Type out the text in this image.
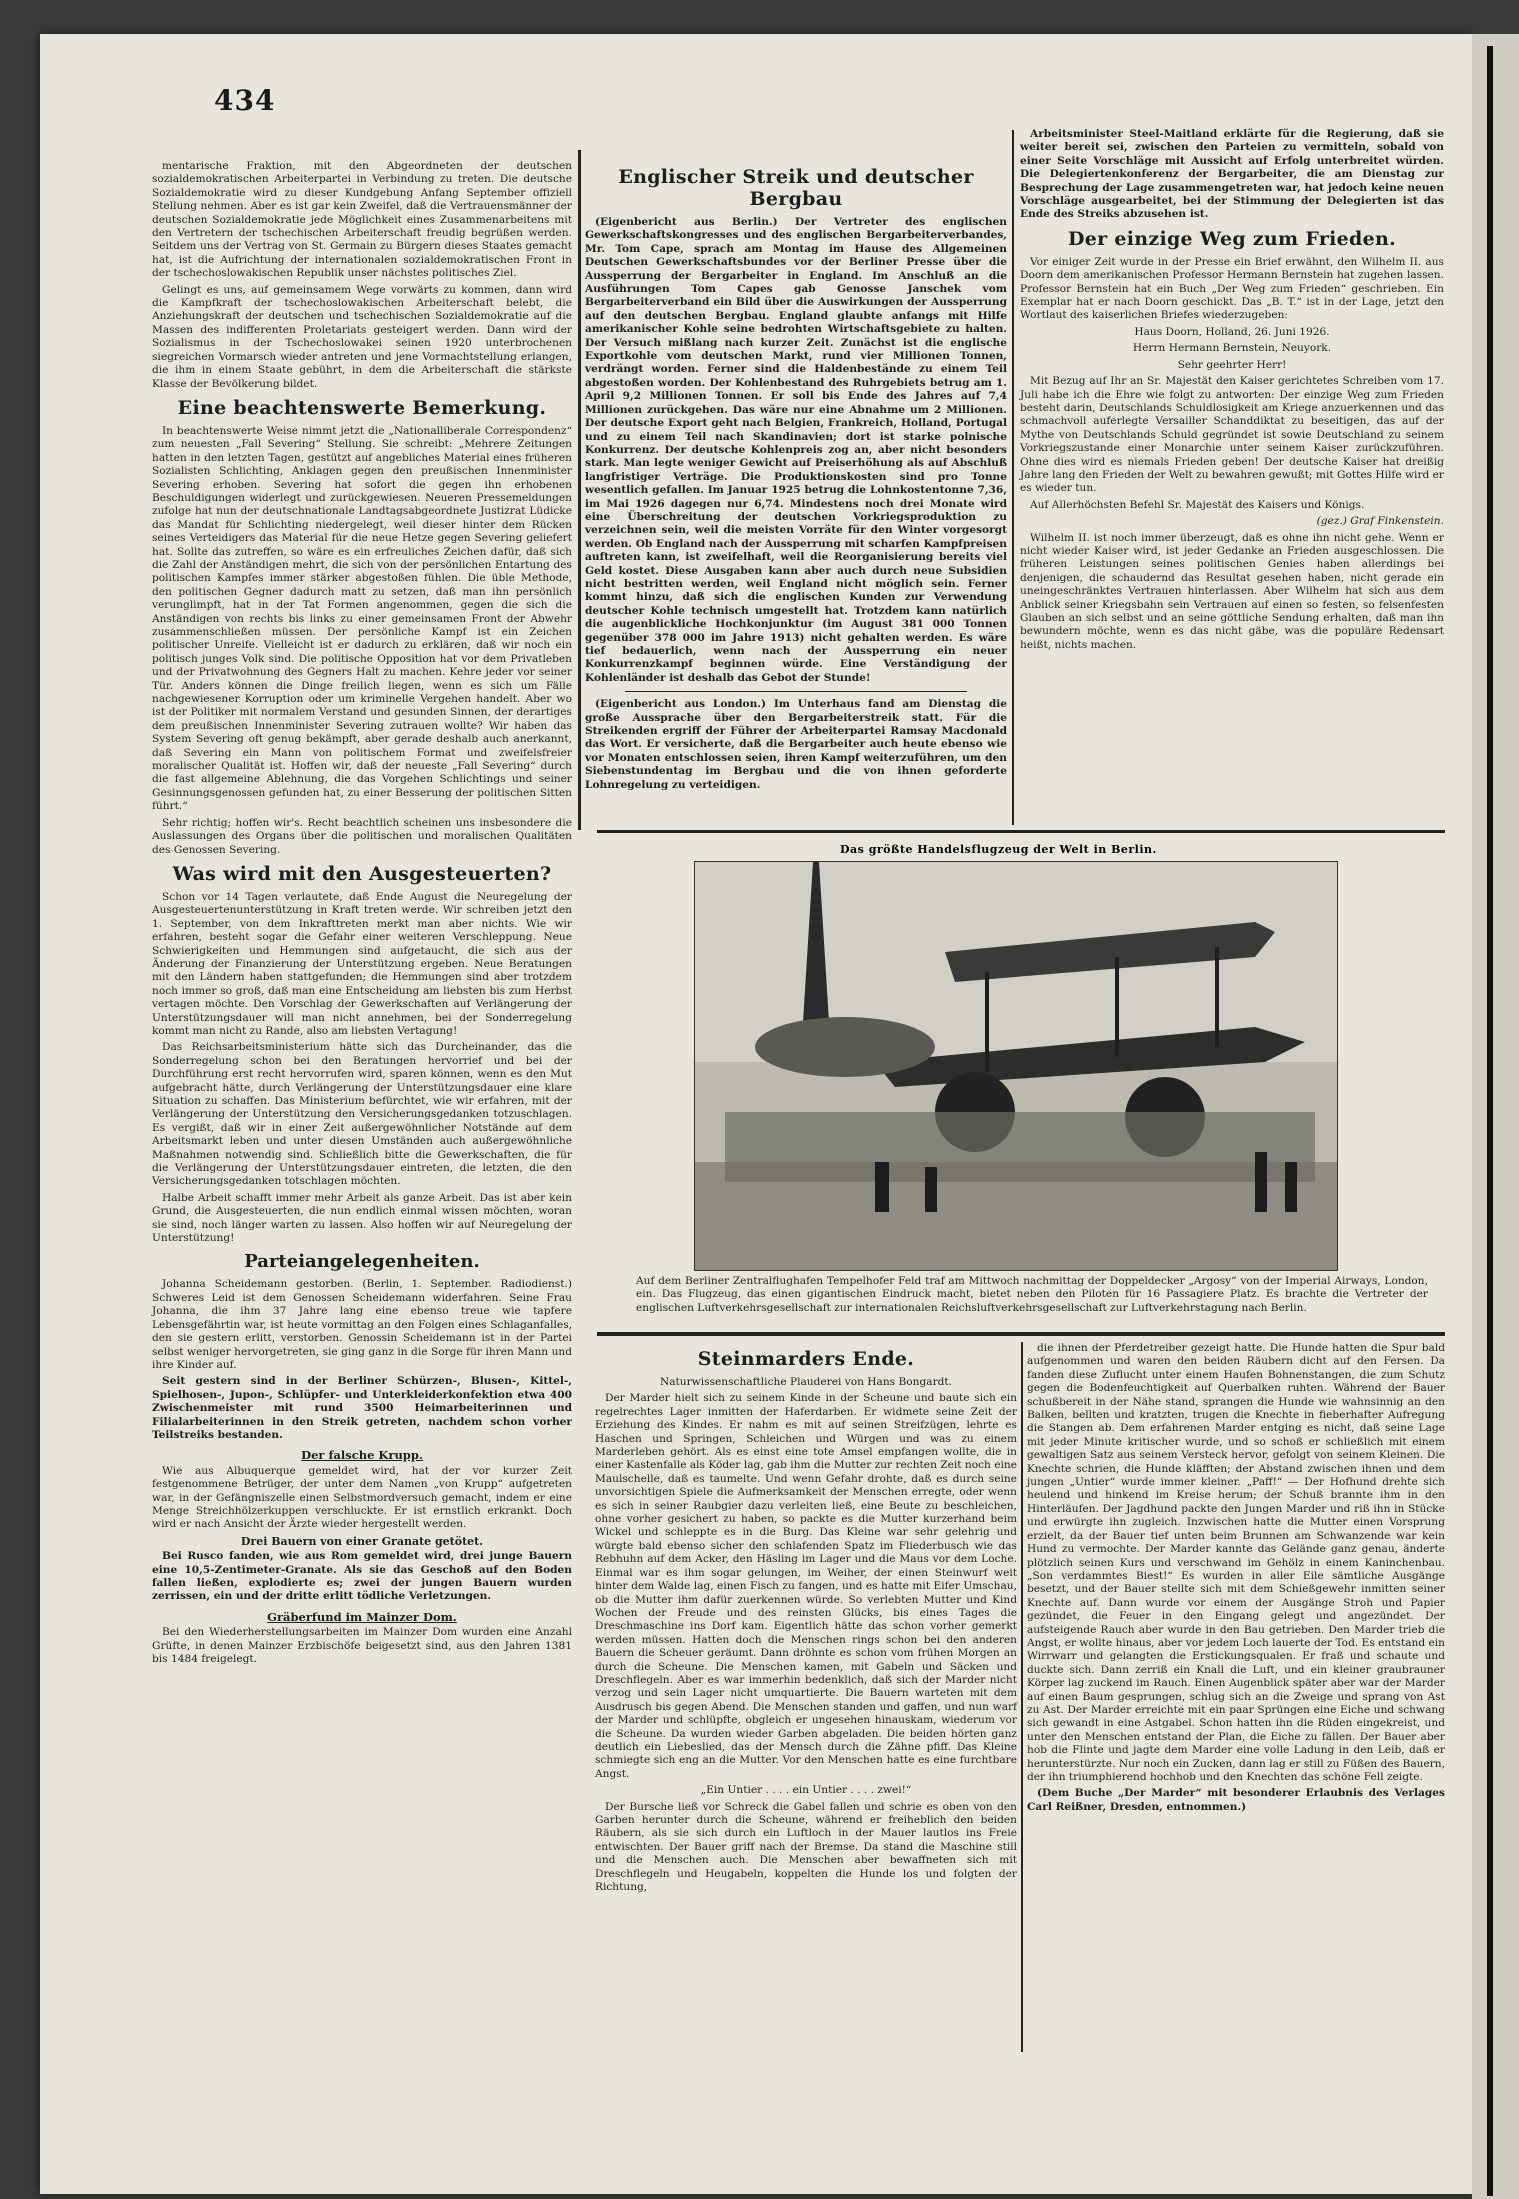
434

mentarische Fraktion, mit den Abgeordneten der deutschen sozialdemokratischen Arbeiterpartei in Verbindung zu treten. Die deutsche Sozialdemokratie wird zu dieser Kundgebung Anfang September offiziell Stellung nehmen. Aber es ist gar kein Zweifel, daß die Vertrauensmänner der deutschen Sozialdemokratie jede Möglichkeit eines Zusammenarbeitens mit den Vertretern der tschechischen Arbeiterschaft freudig begrüßen werden. Seitdem uns der Vertrag von St. Germain zu Bürgern dieses Staates gemacht hat, ist die Aufrichtung der internationalen sozialdemokratischen Front in der tschechoslowakischen Republik unser nächstes politisches Ziel.

Gelingt es uns, auf gemeinsamem Wege vorwärts zu kommen, dann wird die Kampfkraft der tschechoslowakischen Arbeiterschaft belebt, die Anziehungskraft der deutschen und tschechischen Sozialdemokratie auf die Massen des indifferenten Proletariats gesteigert werden. Dann wird der Sozialismus in der Tschechoslowakei seinen 1920 unterbrochenen siegreichen Vormarsch wieder antreten und jene Vormachtstellung erlangen, die ihm in einem Staate gebührt, in dem die Arbeiterschaft die stärkste Klasse der Bevölkerung bildet.

Eine beachtenswerte Bemerkung.

In beachtenswerte Weise nimmt jetzt die „Nationalliberale Correspondenz“ zum neuesten „Fall Severing“ Stellung. Sie schreibt: „Mehrere Zeitungen hatten in den letzten Tagen, gestützt auf angebliches Material eines früheren Sozialisten Schlichting, Anklagen gegen den preußischen Innenminister Severing erhoben. Severing hat sofort die gegen ihn erhobenen Beschuldigungen widerlegt und zurückgewiesen. Neueren Pressemeldungen zufolge hat nun der deutschnationale Landtagsabgeordnete Justizrat Lüdicke das Mandat für Schlichting niedergelegt, weil dieser hinter dem Rücken seines Verteidigers das Material für die neue Hetze gegen Severing geliefert hat. Sollte das zutreffen, so wäre es ein erfreuliches Zeichen dafür, daß sich die Zahl der Anständigen mehrt, die sich von der persönlichen Entartung des politischen Kampfes immer stärker abgestoßen fühlen. Die üble Methode, den politischen Gegner dadurch matt zu setzen, daß man ihn persönlich verunglimpft, hat in der Tat Formen angenommen, gegen die sich die Anständigen von rechts bis links zu einer gemeinsamen Front der Abwehr zusammenschließen müssen. Der persönliche Kampf ist ein Zeichen politischer Unreife. Vielleicht ist er dadurch zu erklären, daß wir noch ein politisch junges Volk sind. Die politische Opposition hat vor dem Privatleben und der Privatwohnung des Gegners Halt zu machen. Kehre jeder vor seiner Tür. Anders können die Dinge freilich liegen, wenn es sich um Fälle nachgewiesener Korruption oder um kriminelle Vergehen handelt. Aber wo ist der Politiker mit normalem Verstand und gesunden Sinnen, der derartiges dem preußischen Innenminister Severing zutrauen wollte? Wir haben das System Severing oft genug bekämpft, aber gerade deshalb auch anerkannt, daß Severing ein Mann von politischem Format und zweifelsfreier moralischer Qualität ist. Hoffen wir, daß der neueste „Fall Severing“ durch die fast allgemeine Ablehnung, die das Vorgehen Schlichtings und seiner Gesinnungsgenossen gefunden hat, zu einer Besserung der politischen Sitten führt.“

Sehr richtig; hoffen wir's. Recht beachtlich scheinen uns insbesondere die Auslassungen des Organs über die politischen und moralischen Qualitäten des Genossen Severing.

Was wird mit den Ausgesteuerten?

Schon vor 14 Tagen verlautete, daß Ende August die Neuregelung der Ausgesteuertenunterstützung in Kraft treten werde. Wir schreiben jetzt den 1. September, von dem Inkrafttreten merkt man aber nichts. Wie wir erfahren, besteht sogar die Gefahr einer weiteren Verschleppung. Neue Schwierigkeiten und Hemmungen sind aufgetaucht, die sich aus der Änderung der Finanzierung der Unterstützung ergeben. Neue Beratungen mit den Ländern haben stattgefunden; die Hemmungen sind aber trotzdem noch immer so groß, daß man eine Entscheidung am liebsten bis zum Herbst vertagen möchte. Den Vorschlag der Gewerkschaften auf Verlängerung der Unterstützungsdauer will man nicht annehmen, bei der Sonderregelung kommt man nicht zu Rande, also am liebsten Vertagung!

Das Reichsarbeitsministerium hätte sich das Durcheinander, das die Sonderregelung schon bei den Beratungen hervorrief und bei der Durchführung erst recht hervorrufen wird, sparen können, wenn es den Mut aufgebracht hätte, durch Verlängerung der Unterstützungsdauer eine klare Situation zu schaffen. Das Ministerium befürchtet, wie wir erfahren, mit der Verlängerung der Unterstützung den Versicherungsgedanken totzuschlagen. Es vergißt, daß wir in einer Zeit außergewöhnlicher Notstände auf dem Arbeitsmarkt leben und unter diesen Umständen auch außergewöhnliche Maßnahmen notwendig sind. Schließlich bitte die Gewerkschaften, die für die Verlängerung der Unterstützungsdauer eintreten, die letzten, die den Versicherungsgedanken totschlagen möchten.

Halbe Arbeit schafft immer mehr Arbeit als ganze Arbeit. Das ist aber kein Grund, die Ausgesteuerten, die nun endlich einmal wissen möchten, woran sie sind, noch länger warten zu lassen. Also hoffen wir auf Neuregelung der Unterstützung!

Parteiangelegenheiten.

Johanna Scheidemann gestorben. (Berlin, 1. September. Radiodienst.) Schweres Leid ist dem Genossen Scheidemann widerfahren. Seine Frau Johanna, die ihm 37 Jahre lang eine ebenso treue wie tapfere Lebensgefährtin war, ist heute vormittag an den Folgen eines Schlaganfalles, den sie gestern erlitt, verstorben. Genossin Scheidemann ist in der Partei selbst weniger hervorgetreten, sie ging ganz in die Sorge für ihren Mann und ihre Kinder auf.

Seit gestern sind in der Berliner Schürzen-, Blusen-, Kittel-, Spielhosen-, Jupon-, Schlüpfer- und Unterkleiderkonfektion etwa 400 Zwischenmeister mit rund 3500 Heimarbeiterinnen und Filialarbeiterinnen in den Streik getreten, nachdem schon vorher Teilstreiks bestanden.

Der falsche Krupp.

Wie aus Albuquerque gemeldet wird, hat der vor kurzer Zeit festgenommene Betrüger, der unter dem Namen „von Krupp“ aufgetreten war, in der Gefängniszelle einen Selbstmordversuch gemacht, indem er eine Menge Streichhölzerkuppen verschluckte. Er ist ernstlich erkrankt. Doch wird er nach Ansicht der Ärzte wieder hergestellt werden.

Drei Bauern von einer Granate getötet.

Bei Rusco fanden, wie aus Rom gemeldet wird, drei junge Bauern eine 10,5-Zentimeter-Granate. Als sie das Geschoß auf den Boden fallen ließen, explodierte es; zwei der jungen Bauern wurden zerrissen, ein und der dritte erlitt tödliche Verletzungen.

Gräberfund im Mainzer Dom.

Bei den Wiederherstellungsarbeiten im Mainzer Dom wurden eine Anzahl Grüfte, in denen Mainzer Erzbischöfe beigesetzt sind, aus den Jahren 1381 bis 1484 freigelegt.

Englischer Streik und deutscher Bergbau

(Eigenbericht aus Berlin.) Der Vertreter des englischen Gewerkschaftskongresses und des englischen Bergarbeiterverbandes, Mr. Tom Cape, sprach am Montag im Hause des Allgemeinen Deutschen Gewerkschaftsbundes vor der Berliner Presse über die Aussperrung der Bergarbeiter in England. Im Anschluß an die Ausführungen Tom Capes gab Genosse Janschek vom Bergarbeiterverband ein Bild über die Auswirkungen der Aussperrung auf den deutschen Bergbau. England glaubte anfangs mit Hilfe amerikanischer Kohle seine bedrohten Wirtschaftsgebiete zu halten. Der Versuch mißlang nach kurzer Zeit. Zunächst ist die englische Exportkohle vom deutschen Markt, rund vier Millionen Tonnen, verdrängt worden. Ferner sind die Haldenbestände zu einem Teil abgestoßen worden. Der Kohlenbestand des Ruhrgebiets betrug am 1. April 9,2 Millionen Tonnen. Er soll bis Ende des Jahres auf 7,4 Millionen zurückgehen. Das wäre nur eine Abnahme um 2 Millionen. Der deutsche Export geht nach Belgien, Frankreich, Holland, Portugal und zu einem Teil nach Skandinavien; dort ist starke polnische Konkurrenz. Der deutsche Kohlenpreis zog an, aber nicht besonders stark. Man legte weniger Gewicht auf Preiserhöhung als auf Abschluß langfristiger Verträge. Die Produktionskosten sind pro Tonne wesentlich gefallen. Im Januar 1925 betrug die Lohnkostentonne 7,36, im Mai 1926 dagegen nur 6,74. Mindestens noch drei Monate wird eine Überschreitung der deutschen Vorkriegsproduktion zu verzeichnen sein, weil die meisten Vorräte für den Winter vorgesorgt werden. Ob England nach der Aussperrung mit scharfen Kampfpreisen auftreten kann, ist zweifelhaft, weil die Reorganisierung bereits viel Geld kostet. Diese Ausgaben kann aber auch durch neue Subsidien nicht bestritten werden, weil England nicht möglich sein. Ferner kommt hinzu, daß sich die englischen Kunden zur Verwendung deutscher Kohle technisch umgestellt hat. Trotzdem kann natürlich die augenblickliche Hochkonjunktur (im August 381 000 Tonnen gegenüber 378 000 im Jahre 1913) nicht gehalten werden. Es wäre tief bedauerlich, wenn nach der Aussperrung ein neuer Konkurrenzkampf beginnen würde. Eine Verständigung der Kohlenländer ist deshalb das Gebot der Stunde!

(Eigenbericht aus London.) Im Unterhaus fand am Dienstag die große Aussprache über den Bergarbeiterstreik statt. Für die Streikenden ergriff der Führer der Arbeiterpartei Ramsay Macdonald das Wort. Er versicherte, daß die Bergarbeiter auch heute ebenso wie vor Monaten entschlossen seien, ihren Kampf weiterzuführen, um den Siebenstundentag im Bergbau und die von ihnen geforderte Lohnregelung zu verteidigen.

Arbeitsminister Steel-Maitland erklärte für die Regierung, daß sie weiter bereit sei, zwischen den Parteien zu vermitteln, sobald von einer Seite Vorschläge mit Aussicht auf Erfolg unterbreitet würden. Die Delegiertenkonferenz der Bergarbeiter, die am Dienstag zur Besprechung der Lage zusammengetreten war, hat jedoch keine neuen Vorschläge ausgearbeitet, bei der Stimmung der Delegierten ist das Ende des Streiks abzusehen ist.

Der einzige Weg zum Frieden.

Vor einiger Zeit wurde in der Presse ein Brief erwähnt, den Wilhelm II. aus Doorn dem amerikanischen Professor Hermann Bernstein hat zugehen lassen. Professor Bernstein hat ein Buch „Der Weg zum Frieden“ geschrieben. Ein Exemplar hat er nach Doorn geschickt. Das „B. T.“ ist in der Lage, jetzt den Wortlaut des kaiserlichen Briefes wiederzugeben:

Haus Doorn, Holland, 26. Juni 1926.

Herrn Hermann Bernstein, Neuyork.

Sehr geehrter Herr!

Mit Bezug auf Ihr an Sr. Majestät den Kaiser gerichtetes Schreiben vom 17. Juli habe ich die Ehre wie folgt zu antworten: Der einzige Weg zum Frieden besteht darin, Deutschlands Schuldlosigkeit am Kriege anzuerkennen und das schmachvoll auferlegte Versailler Schanddiktat zu beseitigen, das auf der Mythe von Deutschlands Schuld gegründet ist sowie Deutschland zu seinem Vorkriegszustande einer Monarchie unter seinem Kaiser zurückzuführen. Ohne dies wird es niemals Frieden geben! Der deutsche Kaiser hat dreißig Jahre lang den Frieden der Welt zu bewahren gewußt; mit Gottes Hilfe wird er es wieder tun.

Auf Allerhöchsten Befehl Sr. Majestät des Kaisers und Königs.

(gez.) Graf Finkenstein.

Wilhelm II. ist noch immer überzeugt, daß es ohne ihn nicht gehe. Wenn er nicht wieder Kaiser wird, ist jeder Gedanke an Frieden ausgeschlossen. Die früheren Leistungen seines politischen Genies haben allerdings bei denjenigen, die schaudernd das Resultat gesehen haben, nicht gerade ein uneingeschränktes Vertrauen hinterlassen. Aber Wilhelm hat sich aus dem Anblick seiner Kriegsbahn sein Vertrauen auf einen so festen, so felsenfesten Glauben an sich selbst und an seine göttliche Sendung erhalten, daß man ihn bewundern möchte, wenn es das nicht gäbe, was die populäre Redensart heißt, nichts machen.

Das größte Handelsflugzeug der Welt in Berlin.
Auf dem Berliner Zentralflughafen Tempelhofer Feld traf am Mittwoch nachmittag der Doppeldecker „Argosy“ von der Imperial Airways, London, ein. Das Flugzeug, das einen gigantischen Eindruck macht, bietet neben den Piloten für 16 Passagiere Platz. Es brachte die Vertreter der englischen Luftverkehrsgesellschaft zur internationalen Reichsluftverkehrsgesellschaft zur Luftverkehrstagung nach Berlin.
Steinmarders Ende.

Naturwissenschaftliche Plauderei von Hans Bongardt.

Der Marder hielt sich zu seinem Kinde in der Scheune und baute sich ein regelrechtes Lager inmitten der Haferdarben. Er widmete seine Zeit der Erziehung des Kindes. Er nahm es mit auf seinen Streifzügen, lehrte es Haschen und Springen, Schleichen und Würgen und was zu einem Marderleben gehört. Als es einst eine tote Amsel empfangen wollte, die in einer Kastenfalle als Köder lag, gab ihm die Mutter zur rechten Zeit noch eine Maulschelle, daß es taumelte. Und wenn Gefahr drohte, daß es durch seine unvorsichtigen Spiele die Aufmerksamkeit der Menschen erregte, oder wenn es sich in seiner Raubgier dazu verleiten ließ, eine Beute zu beschleichen, ohne vorher gesichert zu haben, so packte es die Mutter kurzerhand beim Wickel und schleppte es in die Burg. Das Kleine war sehr gelehrig und würgte bald ebenso sicher den schlafenden Spatz im Fliederbusch wie das Rebhuhn auf dem Acker, den Häsling im Lager und die Maus vor dem Loche. Einmal war es ihm sogar gelungen, im Weiher, der einen Steinwurf weit hinter dem Walde lag, einen Fisch zu fangen, und es hatte mit Eifer Umschau, ob die Mutter ihm dafür zuerkennen würde. So verlebten Mutter und Kind Wochen der Freude und des reinsten Glücks, bis eines Tages die Dreschmaschine ins Dorf kam. Eigentlich hätte das schon vorher gemerkt werden müssen. Hatten doch die Menschen rings schon bei den anderen Bauern die Scheuer geräumt. Dann dröhnte es schon vom frühen Morgen an durch die Scheune. Die Menschen kamen, mit Gabeln und Säcken und Dreschflegeln. Aber es war immerhin bedenklich, daß sich der Marder nicht verzog und sein Lager nicht umquartierte. Die Bauern warteten mit dem Ausdrusch bis gegen Abend. Die Menschen standen und gaffen, und nun warf der Marder und schlüpfte, obgleich er ungesehen hinauskam, wiederum vor die Scheune. Da wurden wieder Garben abgeladen. Die beiden hörten ganz deutlich ein Liebeslied, das der Mensch durch die Zähne pfiff. Das Kleine schmiegte sich eng an die Mutter. Vor den Menschen hatte es eine furchtbare Angst.

„Ein Untier . . . . ein Untier . . . . zwei!“

Der Bursche ließ vor Schreck die Gabel fallen und schrie es oben von den Garben herunter durch die Scheune, während er freiheblich den beiden Räubern, als sie sich durch ein Luftloch in der Mauer lautlos ins Freie entwischten. Der Bauer griff nach der Bremse. Da stand die Maschine still und die Menschen auch. Die Menschen aber bewaffneten sich mit Dreschflegeln und Heugabeln, koppelten die Hunde los und folgten der Richtung,

die ihnen der Pferdetreiber gezeigt hatte. Die Hunde hatten die Spur bald aufgenommen und waren den beiden Räubern dicht auf den Fersen. Da fanden diese Zuflucht unter einem Haufen Bohnenstangen, die zum Schutz gegen die Bodenfeuchtigkeit auf Querbalken ruhten. Während der Bauer schußbereit in der Nähe stand, sprangen die Hunde wie wahnsinnig an den Balken, bellten und kratzten, trugen die Knechte in fieberhafter Aufregung die Stangen ab. Dem erfahrenen Marder entging es nicht, daß seine Lage mit jeder Minute kritischer wurde, und so schoß er schließlich mit einem gewaltigen Satz aus seinem Versteck hervor, gefolgt von seinem Kleinen. Die Knechte schrien, die Hunde kläfften; der Abstand zwischen ihnen und dem jungen „Untier“ wurde immer kleiner. „Paff!“ — Der Hofhund drehte sich heulend und hinkend im Kreise herum; der Schuß brannte ihm in den Hinterläufen. Der Jagdhund packte den Jungen Marder und riß ihn in Stücke und erwürgte ihn zugleich. Inzwischen hatte die Mutter einen Vorsprung erzielt, da der Bauer tief unten beim Brunnen am Schwanzende war kein Hund zu vermochte. Der Marder kannte das Gelände ganz genau, änderte plötzlich seinen Kurs und verschwand im Gehölz in einem Kaninchenbau. „Son verdammtes Biest!“ Es wurden in aller Eile sämtliche Ausgänge besetzt, und der Bauer stellte sich mit dem Schießgewehr inmitten seiner Knechte auf. Dann wurde vor einem der Ausgänge Stroh und Papier gezündet, die Feuer in den Eingang gelegt und angezündet. Der aufsteigende Rauch aber wurde in den Bau getrieben. Den Marder trieb die Angst, er wollte hinaus, aber vor jedem Loch lauerte der Tod. Es entstand ein Wirrwarr und gelangten die Erstickungsqualen. Er fraß und schaute und duckte sich. Dann zerriß ein Knall die Luft, und ein kleiner graubrauner Körper lag zuckend im Rauch. Einen Augenblick später aber war der Marder auf einen Baum gesprungen, schlug sich an die Zweige und sprang von Ast zu Ast. Der Marder erreichte mit ein paar Sprüngen eine Eiche und schwang sich gewandt in eine Astgabel. Schon hatten ihn die Rüden eingekreist, und unter den Menschen entstand der Plan, die Eiche zu fällen. Der Bauer aber hob die Flinte und jagte dem Marder eine volle Ladung in den Leib, daß er herunterstürzte. Nur noch ein Zucken, dann lag er still zu Füßen des Bauern, der ihn triumphierend hochhob und den Knechten das schöne Fell zeigte.

(Dem Buche „Der Marder“ mit besonderer Erlaubnis des Verlages Carl Reißner, Dresden, entnommen.)
